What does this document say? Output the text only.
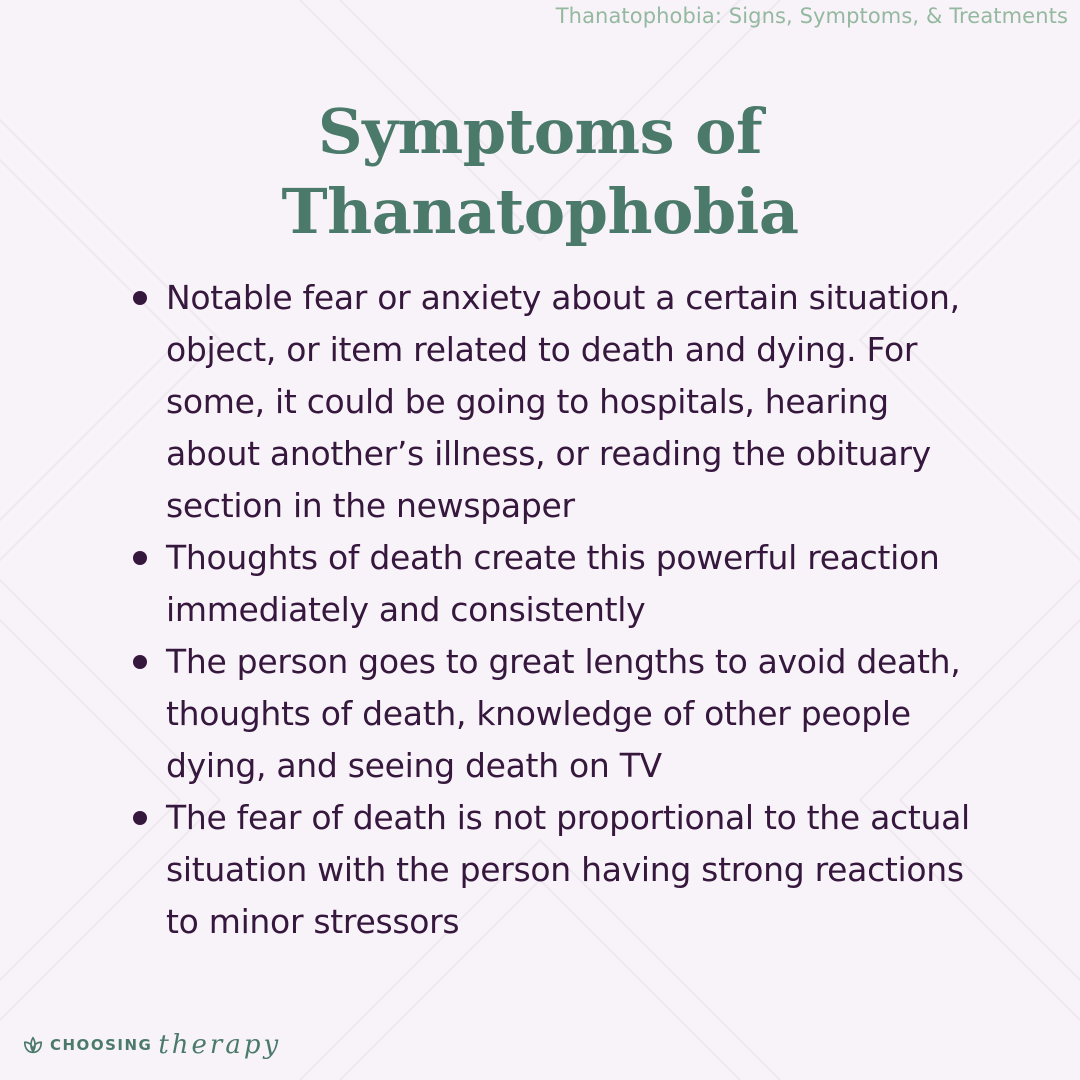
Thanatophobia: Signs, Symptoms, & Treatments
Symptoms of
Thanatophobia
Notable fear or anxiety about a certain situation, object, or item related to death and dying. For some, it could be going to hospitals, hearing about another’s illness, or reading the obituary section in the newspaper
Thoughts of death create this powerful reaction immediately and consistently
The person goes to great lengths to avoid death, thoughts of death, knowledge of other people dying, and seeing death on TV
The fear of death is not proportional to the actual situation with the person having strong reactions to minor stressors
CHOOSING therapy
